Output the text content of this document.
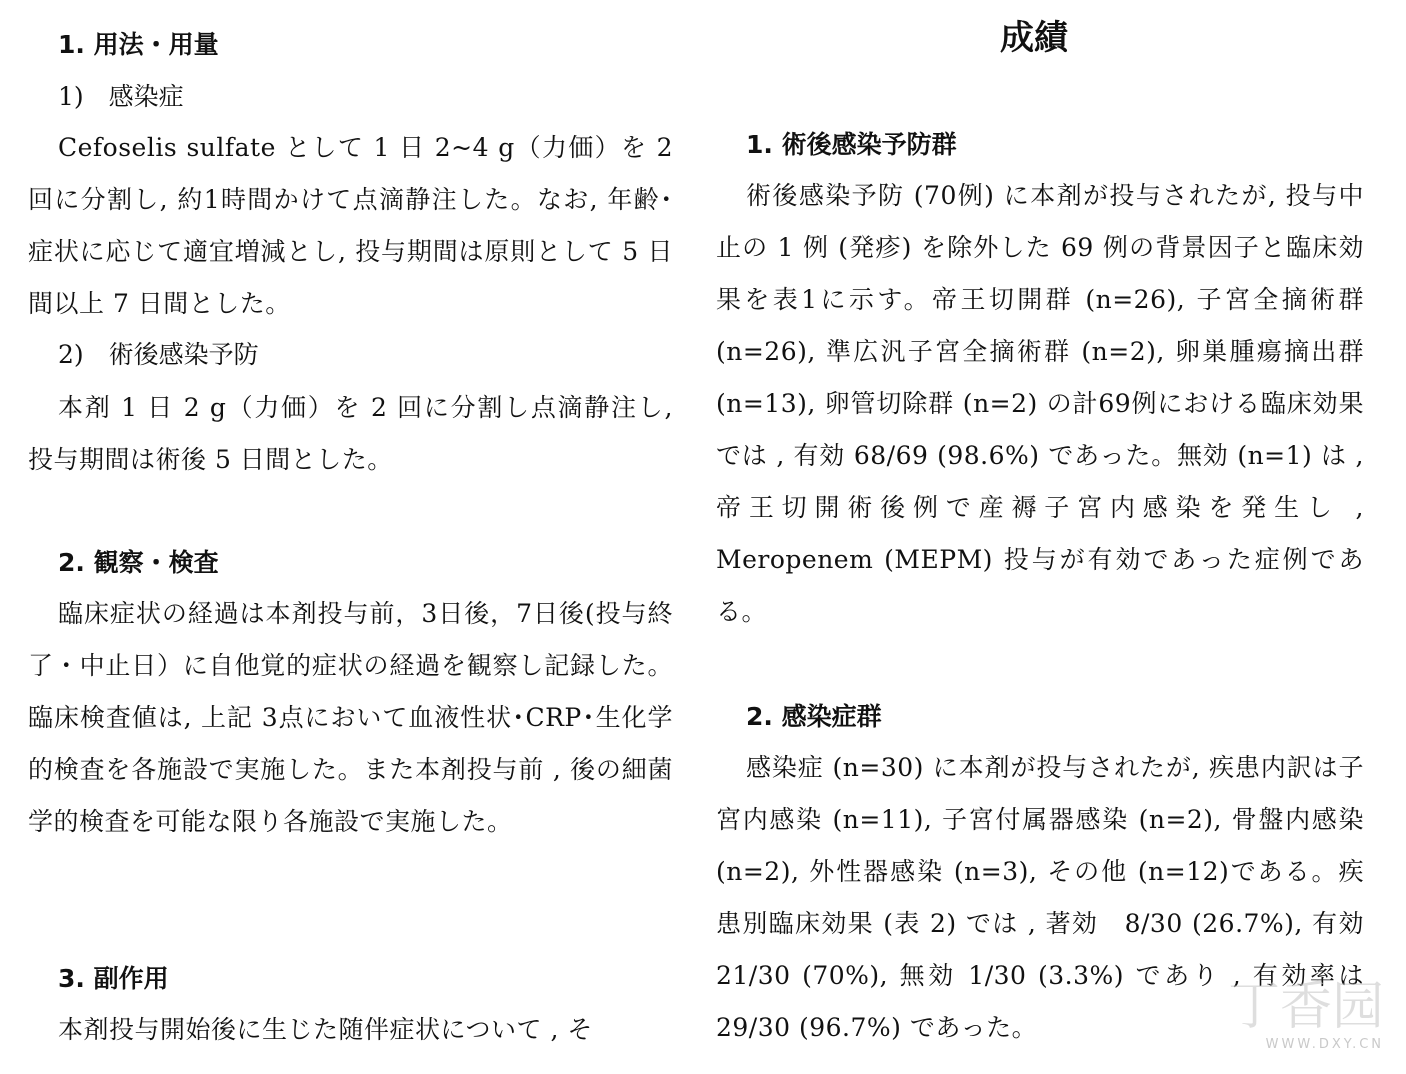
1. 用法・用量
1)　感染症

Cefoselis sulfate として 1 日 2~4 g（力価）を 2 回に分割し, 約1時間かけて点滴静注した。なお, 年齢･症状に応じて適宜増減とし, 投与期間は原則として 5 日間以上 7 日間とした。

2)　術後感染予防

本剤 1 日 2 g（力価）を 2 回に分割し点滴静注し, 投与期間は術後 5 日間とした。

2. 観察・検査

臨床症状の経過は本剤投与前，3日後，7日後(投与終了・中止日）に自他覚的症状の経過を観察し記録した。臨床検査値は, 上記 3点において血液性状･CRP･生化学的検査を各施設で実施した。また本剤投与前 , 後の細菌学的検査を可能な限り各施設で実施した。

3. 副作用

本剤投与開始後に生じた随伴症状について , そ

成績
1. 術後感染予防群

術後感染予防 (70例) に本剤が投与されたが, 投与中止の 1 例 (発疹) を除外した 69 例の背景因子と臨床効果を表1に示す。帝王切開群 (n=26), 子宮全摘術群 (n=26), 準広汎子宮全摘術群 (n=2), 卵巣腫瘍摘出群 (n=13), 卵管切除群 (n=2) の計69例における臨床効果では , 有効 68/69 (98.6%) であった。無効 (n=1) は , 帝王切開術後例で産褥子宮内感染を発生し , Meropenem (MEPM) 投与が有効であった症例である。

2. 感染症群

感染症 (n=30) に本剤が投与されたが, 疾患内訳は子宮内感染 (n=11), 子宮付属器感染 (n=2), 骨盤内感染(n=2), 外性器感染 (n=3), その他 (n=12)である。疾患別臨床効果 (表 2) では , 著効　8/30 (26.7%), 有効 21/30 (70%), 無効 1/30 (3.3%) であり , 有効率は 29/30 (96.7%) であった。	丁香园
WWW.DXY.CN
